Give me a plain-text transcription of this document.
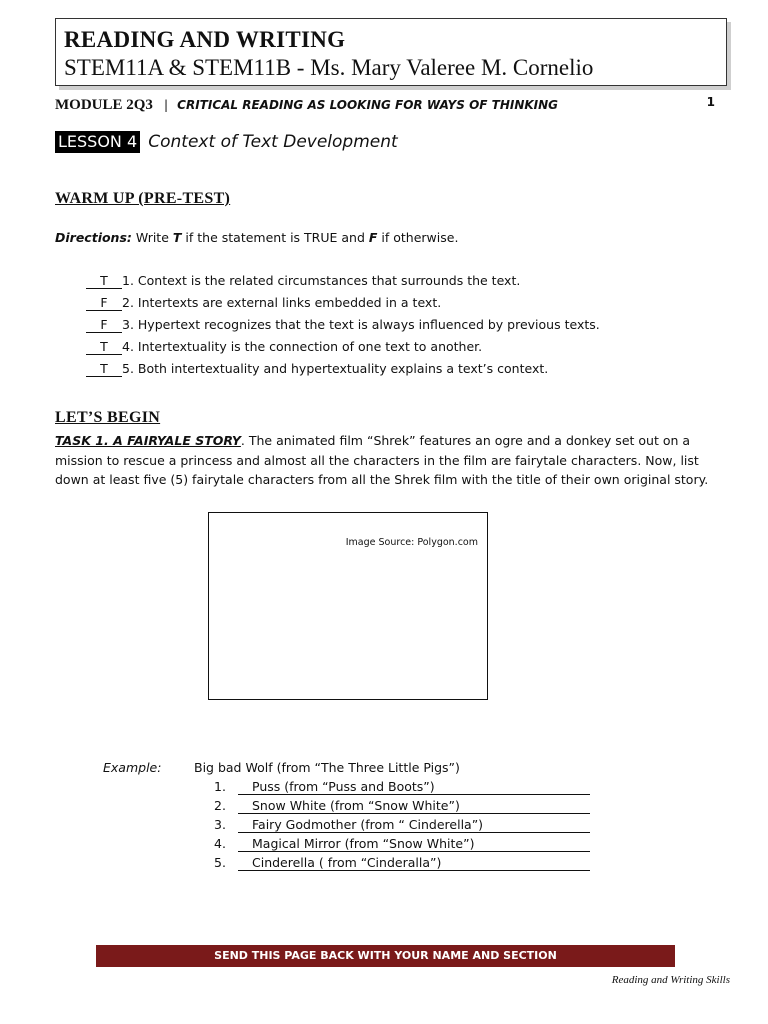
READING AND WRITING
STEM11A & STEM11B - Ms. Mary Valeree M. Cornelio
MODULE 2Q3 | CRITICAL READING AS LOOKING FOR WAYS OF THINKING	1
LESSON 4 Context of Text Development
WARM UP (PRE-TEST)
Directions: Write T if the statement is TRUE and F if otherwise.
T 1. Context is the related circumstances that surrounds the text.
F 2. Intertexts are external links embedded in a text.
F 3. Hypertext recognizes that the text is always influenced by previous texts.
T 4. Intertextuality is the connection of one text to another.
T 5. Both intertextuality and hypertextuality explains a text’s context.
LET’S BEGIN
TASK 1. A FAIRYALE STORY. The animated film “Shrek” features an ogre and a donkey set out on a mission to rescue a princess and almost all the characters in the film are fairytale characters. Now, list down at least five (5) fairytale characters from all the Shrek film with the title of their own original story.
Image Source: Polygon.com
Example:	Big bad Wolf (from “The Three Little Pigs”)
1. Puss (from “Puss and Boots”)
2. Snow White (from “Snow White”)
3. Fairy Godmother (from “ Cinderella”)
4. Magical Mirror (from “Snow White”)
5. Cinderella ( from “Cinderalla”)
SEND THIS PAGE BACK WITH YOUR NAME AND SECTION
Reading and Writing Skills
